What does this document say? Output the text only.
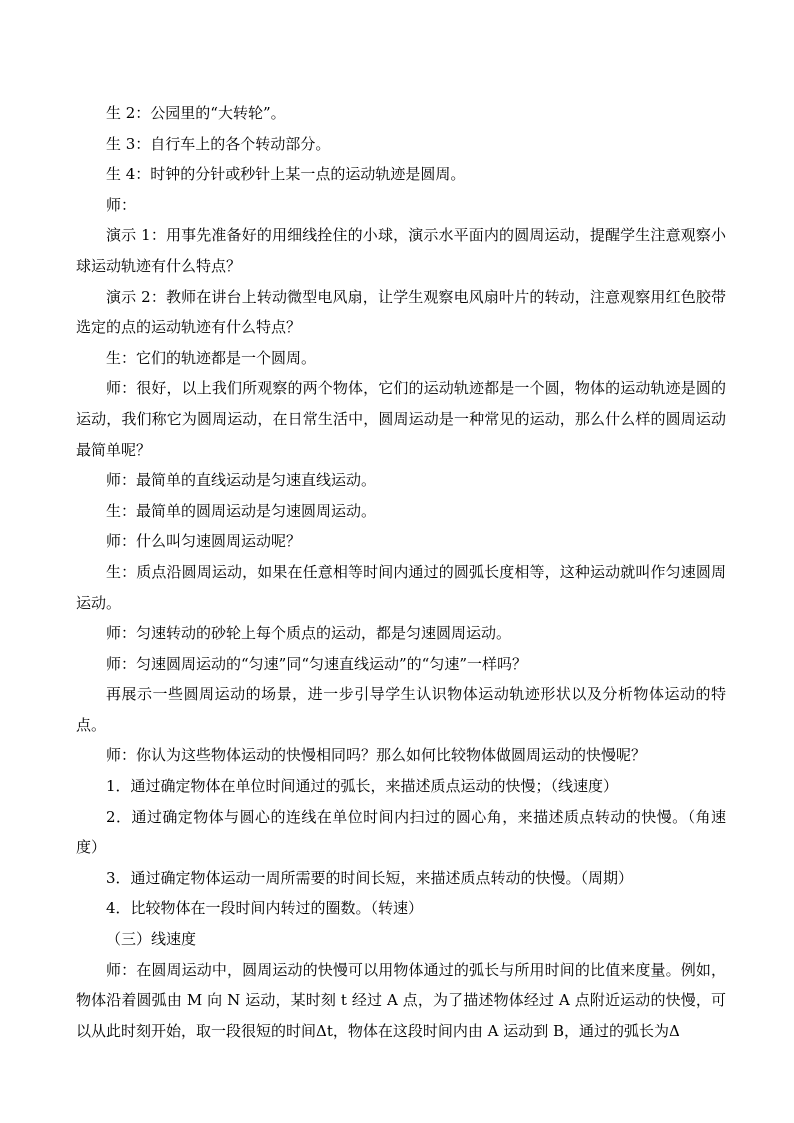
生 2：公园里的“大转轮”。

生 3：自行车上的各个转动部分。

生 4：时钟的分针或秒针上某一点的运动轨迹是圆周。

师：

演示 1：用事先准备好的用细线拴住的小球，演示水平面内的圆周运动，提醒学生注意观察小球运动轨迹有什么特点？

演示 2：教师在讲台上转动微型电风扇，让学生观察电风扇叶片的转动，注意观察用红色胶带选定的点的运动轨迹有什么特点？

生：它们的轨迹都是一个圆周。

师：很好，以上我们所观察的两个物体，它们的运动轨迹都是一个圆，物体的运动轨迹是圆的运动，我们称它为圆周运动，在日常生活中，圆周运动是一种常见的运动，那么什么样的圆周运动最简单呢？

师：最简单的直线运动是匀速直线运动。

生：最简单的圆周运动是匀速圆周运动。

师：什么叫匀速圆周运动呢？

生：质点沿圆周运动，如果在任意相等时间内通过的圆弧长度相等，这种运动就叫作匀速圆周运动。

师：匀速转动的砂轮上每个质点的运动，都是匀速圆周运动。

师：匀速圆周运动的“匀速”同“匀速直线运动”的“匀速”一样吗？

再展示一些圆周运动的场景，进一步引导学生认识物体运动轨迹形状以及分析物体运动的特点。

师：你认为这些物体运动的快慢相同吗？那么如何比较物体做圆周运动的快慢呢？

1．通过确定物体在单位时间通过的弧长，来描述质点运动的快慢；（线速度）

2．通过确定物体与圆心的连线在单位时间内扫过的圆心角，来描述质点转动的快慢。（角速度）

3．通过确定物体运动一周所需要的时间长短，来描述质点转动的快慢。（周期）

4．比较物体在一段时间内转过的圈数。（转速）

（三）线速度

师：在圆周运动中，圆周运动的快慢可以用物体通过的弧长与所用时间的比值来度量。例如，物体沿着圆弧由 M 向 N 运动，某时刻 t 经过 A 点，为了描述物体经过 A 点附近运动的快慢，可以从此时刻开始，取一段很短的时间Δt，物体在这段时间内由 A 运动到 B，通过的弧长为Δ
